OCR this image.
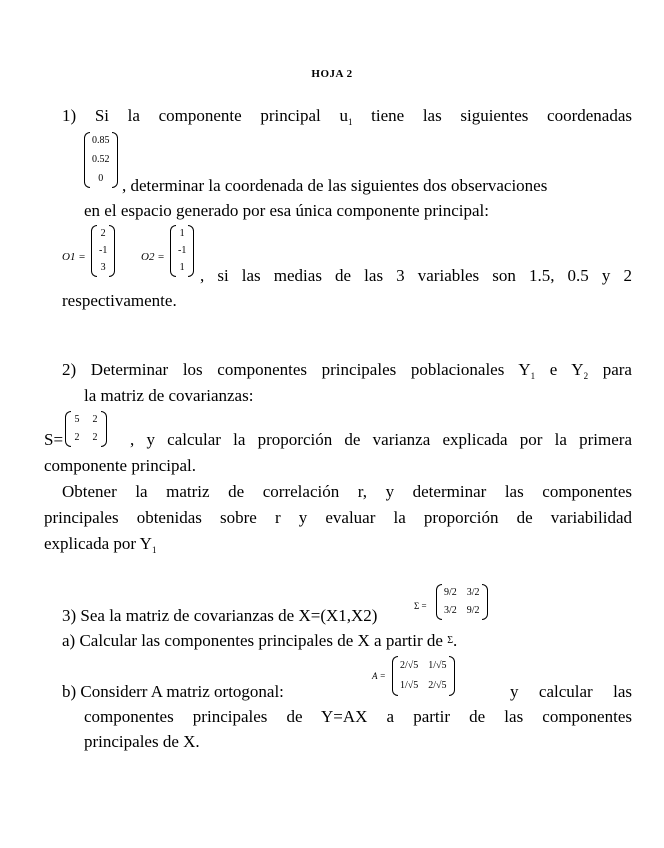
HOJA 2
1) Si la componente principal $u_1$ tiene las siguientes coordenadas
0.85
0.52
0 , determinar la coordenada de las siguientes dos observaciones
en el espacio generado por esa única componente principal:
O1 =
2
-1
3
O2 =
1
-1
1 , si las medias de las 3 variables son 1.5, 0.5 y 2
respectivamente.
2) Determinar los componentes principales poblacionales $Y_1$ e $Y_2$ para
la matriz de covarianzas:
S=
5 2
2 2 , y calcular la proporción de varianza explicada por la primera
componente principal.
Obtener la matriz de correlación r, y determinar las componentes
principales obtenidas sobre r y evaluar la proporción de variabilidad
explicada por $Y_1$
3) Sea la matriz de covarianzas de X=(X1,X2)	Σ =
9/2 3/2
3/2 9/2
a) Calcular las componentes principales de X a partir de Σ.
b) Considerr A matriz ortogonal:
A =
2/√5 1/√5
1/√5 2/√5	y calcular las
componentes principales de Y=AX a partir de las componentes
principales de X.
